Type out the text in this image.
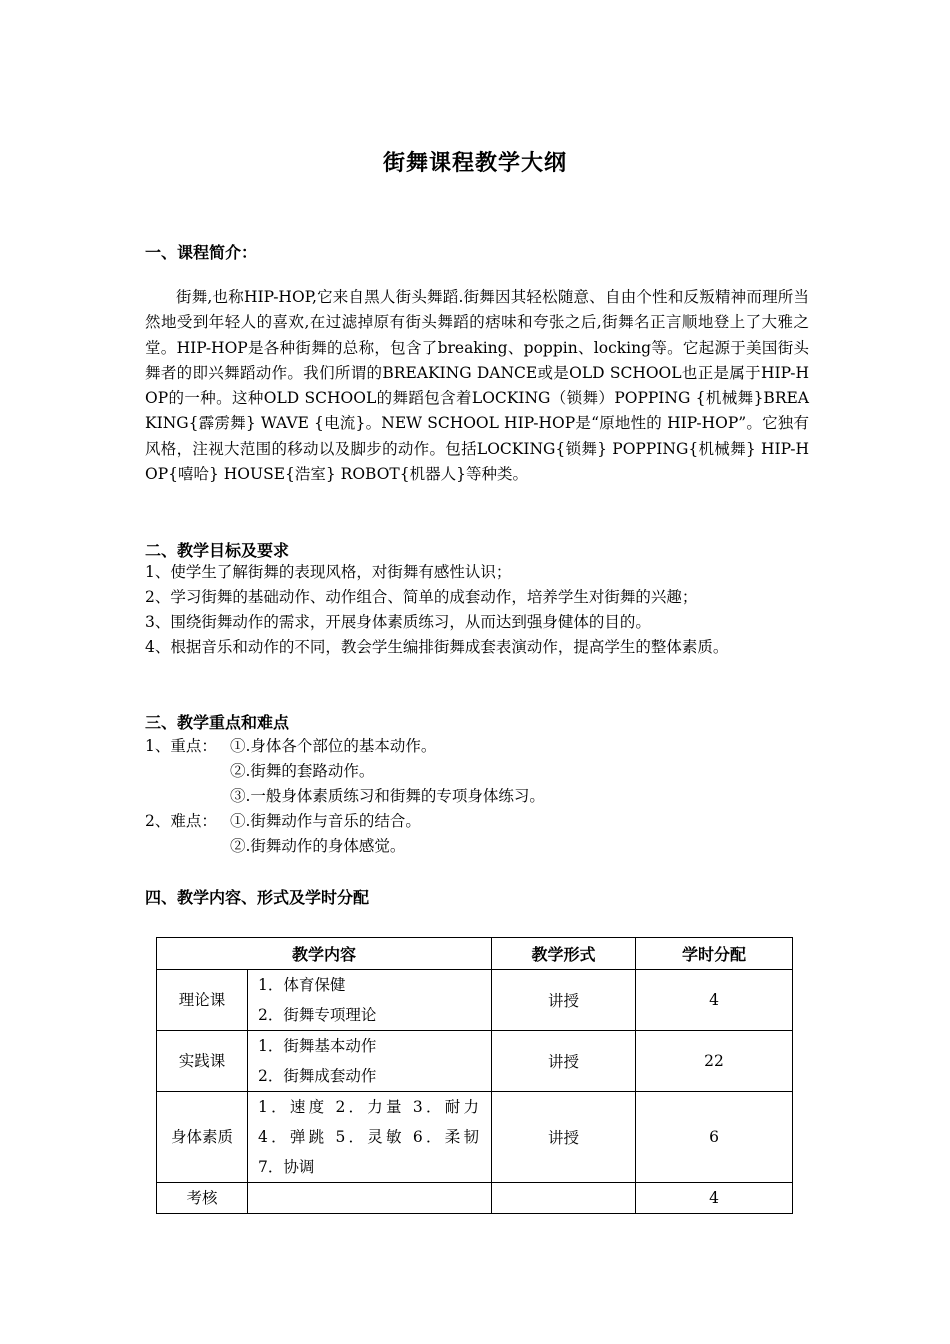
街舞课程教学大纲
一、课程简介：
街舞,也称HIP-HOP,它来自黑人街头舞蹈.街舞因其轻松随意、自由个性和反叛精神而理所当然地受到年轻人的喜欢,在过滤掉原有街头舞蹈的痞味和夸张之后,街舞名正言顺地登上了大雅之堂。HIP-HOP是各种街舞的总称，包含了breaking、poppin、locking等。它起源于美国街头舞者的即兴舞蹈动作。我们所谓的BREAKING DANCE或是OLD SCHOOL也正是属于HIP-HOP的一种。这种OLD SCHOOL的舞蹈包含着LOCKING（锁舞）POPPING {机械舞}BREAKING{霹雳舞} WAVE {电流}。NEW SCHOOL HIP-HOP是“原地性的 HIP-HOP”。它独有风格，注视大范围的移动以及脚步的动作。包括LOCKING{锁舞} POPPING{机械舞} HIP-HOP{嘻哈} HOUSE{浩室} ROBOT{机器人}等种类。
二、教学目标及要求
1、使学生了解街舞的表现风格，对街舞有感性认识；
2、学习街舞的基础动作、动作组合、简单的成套动作，培养学生对街舞的兴趣；
3、围绕街舞动作的需求，开展身体素质练习，从而达到强身健体的目的。
4、根据音乐和动作的不同，教会学生编排街舞成套表演动作，提高学生的整体素质。
三、教学重点和难点
1、重点： ①.身体各个部位的基本动作。
②.街舞的套路动作。
③.一般身体素质练习和街舞的专项身体练习。
2、难点： ①.街舞动作与音乐的结合。
②.街舞动作的身体感觉。
四、教学内容、形式及学时分配
教学内容		教学形式	学时分配
理论课	1．体育保健
2．街舞专项理论	讲授	4
实践课	1．街舞基本动作
2．街舞成套动作	讲授	22
身体素质	1．速度 2．力量 3．耐力
4．弹跳 5．灵敏 6．柔韧
7．协调	讲授	6
考核			4
